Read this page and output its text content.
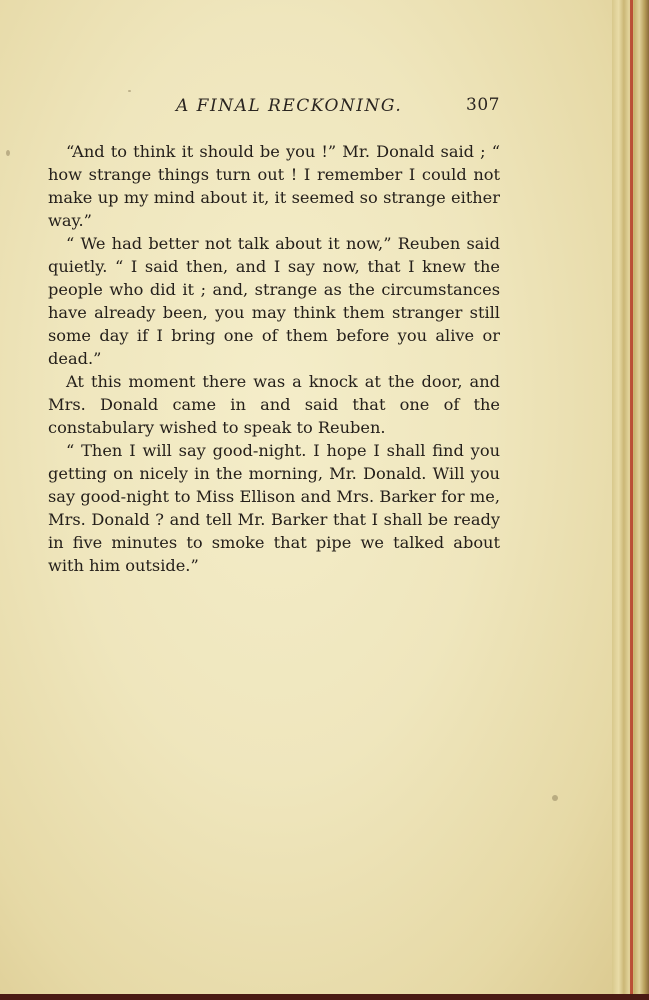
A FINAL RECKONING.	307

“And to think it should be you !” Mr. Donald said ; “ how strange things turn out ! I remember I could not make up my mind about it, it seemed so strange either way.”

“ We had better not talk about it now,” Reuben said quietly. “ I said then, and I say now, that I knew the people who did it ; and, strange as the circumstances have already been, you may think them stranger still some day if I bring one of them before you alive or dead.”

At this moment there was a knock at the door, and Mrs. Donald came in and said that one of the constabulary wished to speak to Reuben.

“ Then I will say good-night. I hope I shall find you getting on nicely in the morning, Mr. Donald. Will you say good-night to Miss Ellison and Mrs. Barker for me, Mrs. Donald ? and tell Mr. Barker that I shall be ready in five minutes to smoke that pipe we talked about with him outside.”
